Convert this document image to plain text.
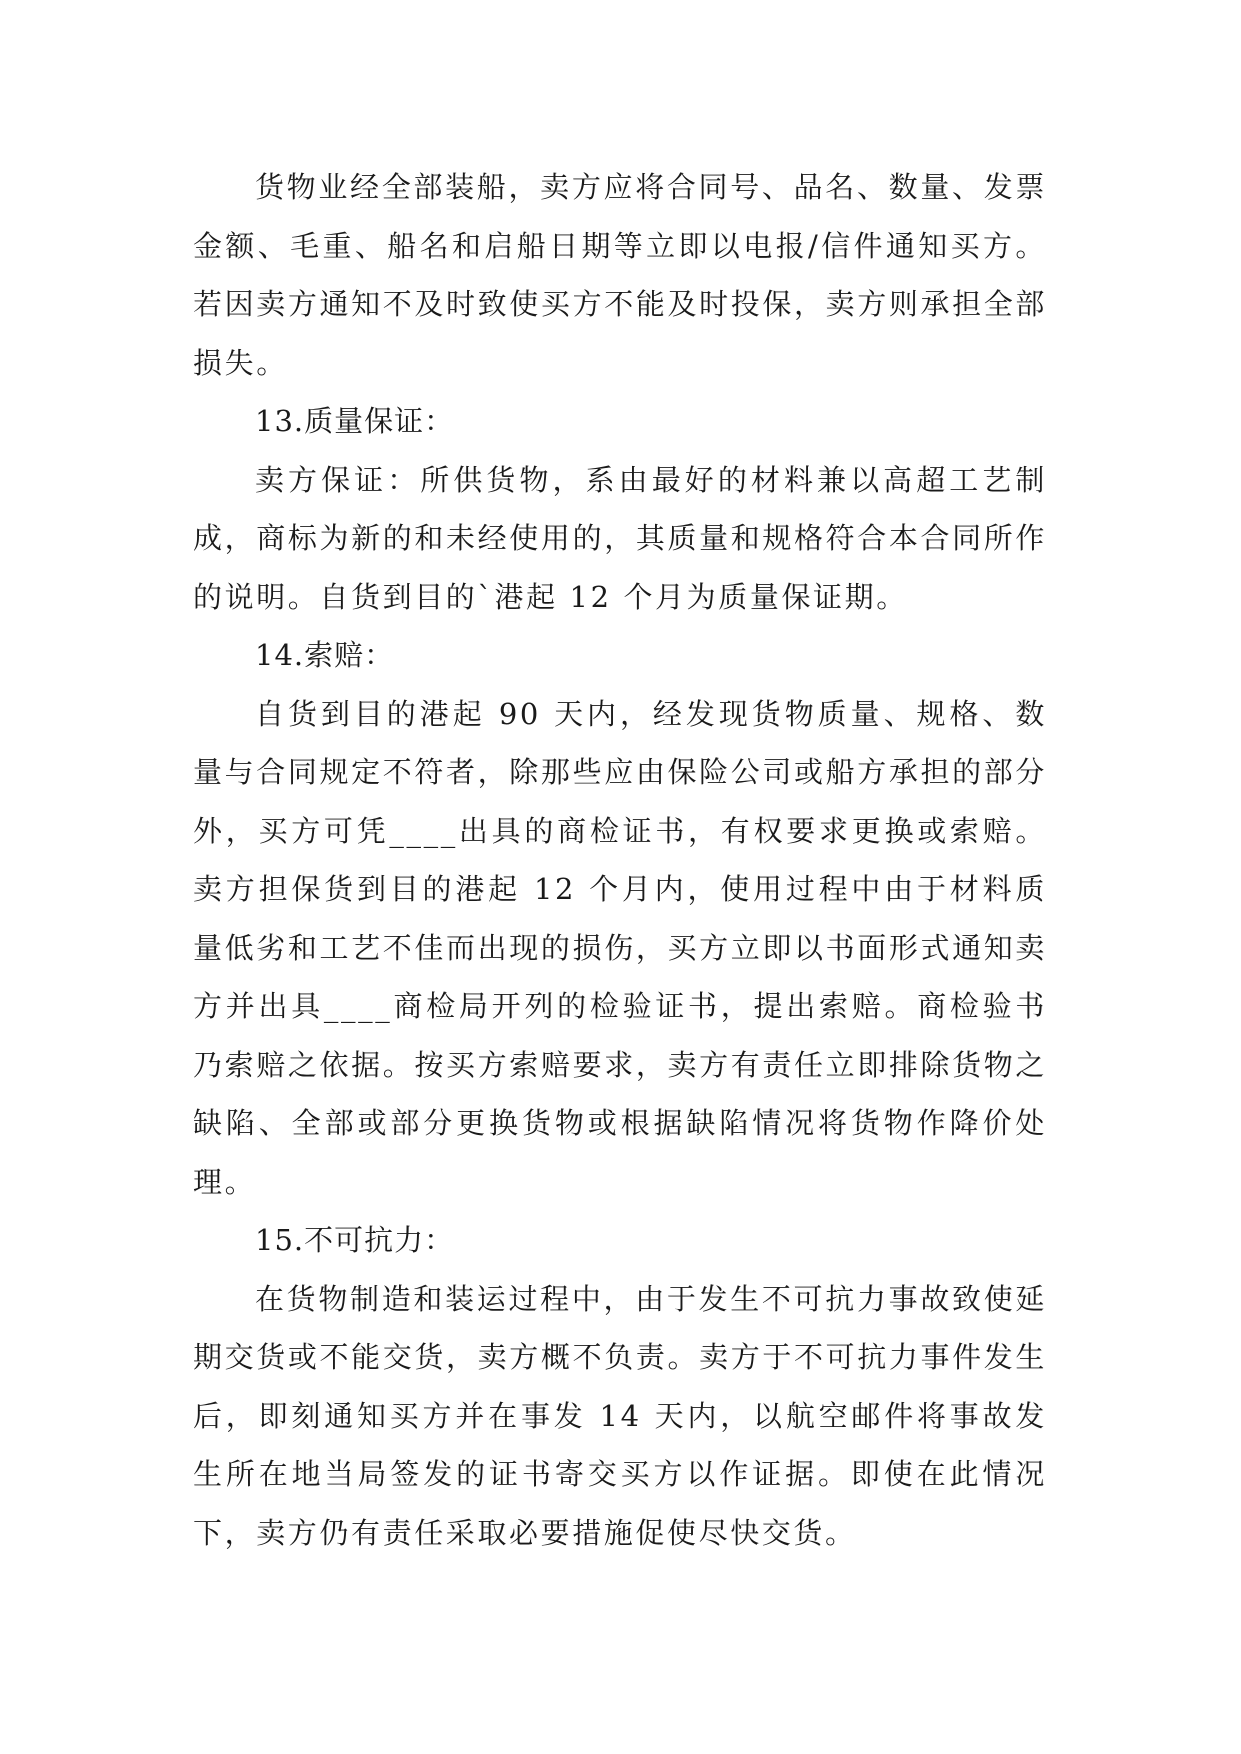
货物业经全部装船，卖方应将合同号、品名、数量、发票金额、毛重、船名和启船日期等立即以电报/信件通知买方。若因卖方通知不及时致使买方不能及时投保，卖方则承担全部损失。

13.质量保证：

卖方保证：所供货物，系由最好的材料兼以高超工艺制成，商标为新的和未经使用的，其质量和规格符合本合同所作的说明。自货到目的`港起 12 个月为质量保证期。

14.索赔：

自货到目的港起 90 天内，经发现货物质量、规格、数量与合同规定不符者，除那些应由保险公司或船方承担的部分外，买方可凭____出具的商检证书，有权要求更换或索赔。卖方担保货到目的港起 12 个月内，使用过程中由于材料质量低劣和工艺不佳而出现的损伤，买方立即以书面形式通知卖方并出具____商检局开列的检验证书，提出索赔。商检验书乃索赔之依据。按买方索赔要求，卖方有责任立即排除货物之缺陷、全部或部分更换货物或根据缺陷情况将货物作降价处理。

15.不可抗力：

在货物制造和装运过程中，由于发生不可抗力事故致使延期交货或不能交货，卖方概不负责。卖方于不可抗力事件发生后，即刻通知买方并在事发 14 天内，以航空邮件将事故发生所在地当局签发的证书寄交买方以作证据。即使在此情况下，卖方仍有责任采取必要措施促使尽快交货。
